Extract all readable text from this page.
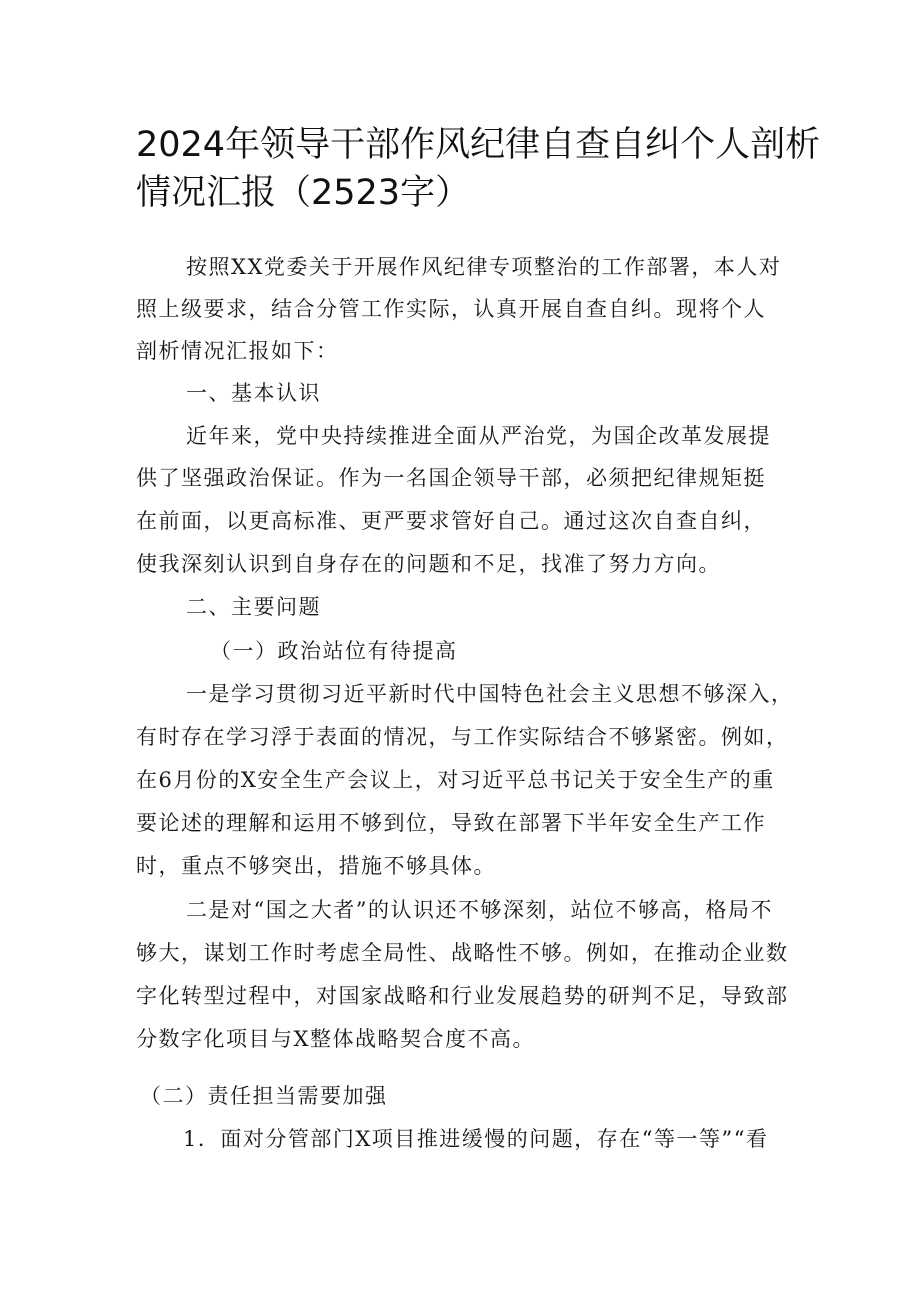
2024年领导干部作风纪律自查自纠个人剖析
情况汇报（2523字）
按照XX党委关于开展作风纪律专项整治的工作部署，本人对
照上级要求，结合分管工作实际，认真开展自查自纠。现将个人
剖析情况汇报如下：
一、基本认识
近年来，党中央持续推进全面从严治党，为国企改革发展提
供了坚强政治保证。作为一名国企领导干部，必须把纪律规矩挺
在前面，以更高标准、更严要求管好自己。通过这次自查自纠，
使我深刻认识到自身存在的问题和不足，找准了努力方向。
二、主要问题
（一）政治站位有待提高
一是学习贯彻习近平新时代中国特色社会主义思想不够深入，
有时存在学习浮于表面的情况，与工作实际结合不够紧密。例如，
在6月份的X安全生产会议上，对习近平总书记关于安全生产的重
要论述的理解和运用不够到位，导致在部署下半年安全生产工作
时，重点不够突出，措施不够具体。
二是对“国之大者”的认识还不够深刻，站位不够高，格局不
够大，谋划工作时考虑全局性、战略性不够。例如，在推动企业数
字化转型过程中，对国家战略和行业发展趋势的研判不足，导致部
分数字化项目与X整体战略契合度不高。
（二）责任担当需要加强
1．面对分管部门X项目推进缓慢的问题，存在“等一等”“看
